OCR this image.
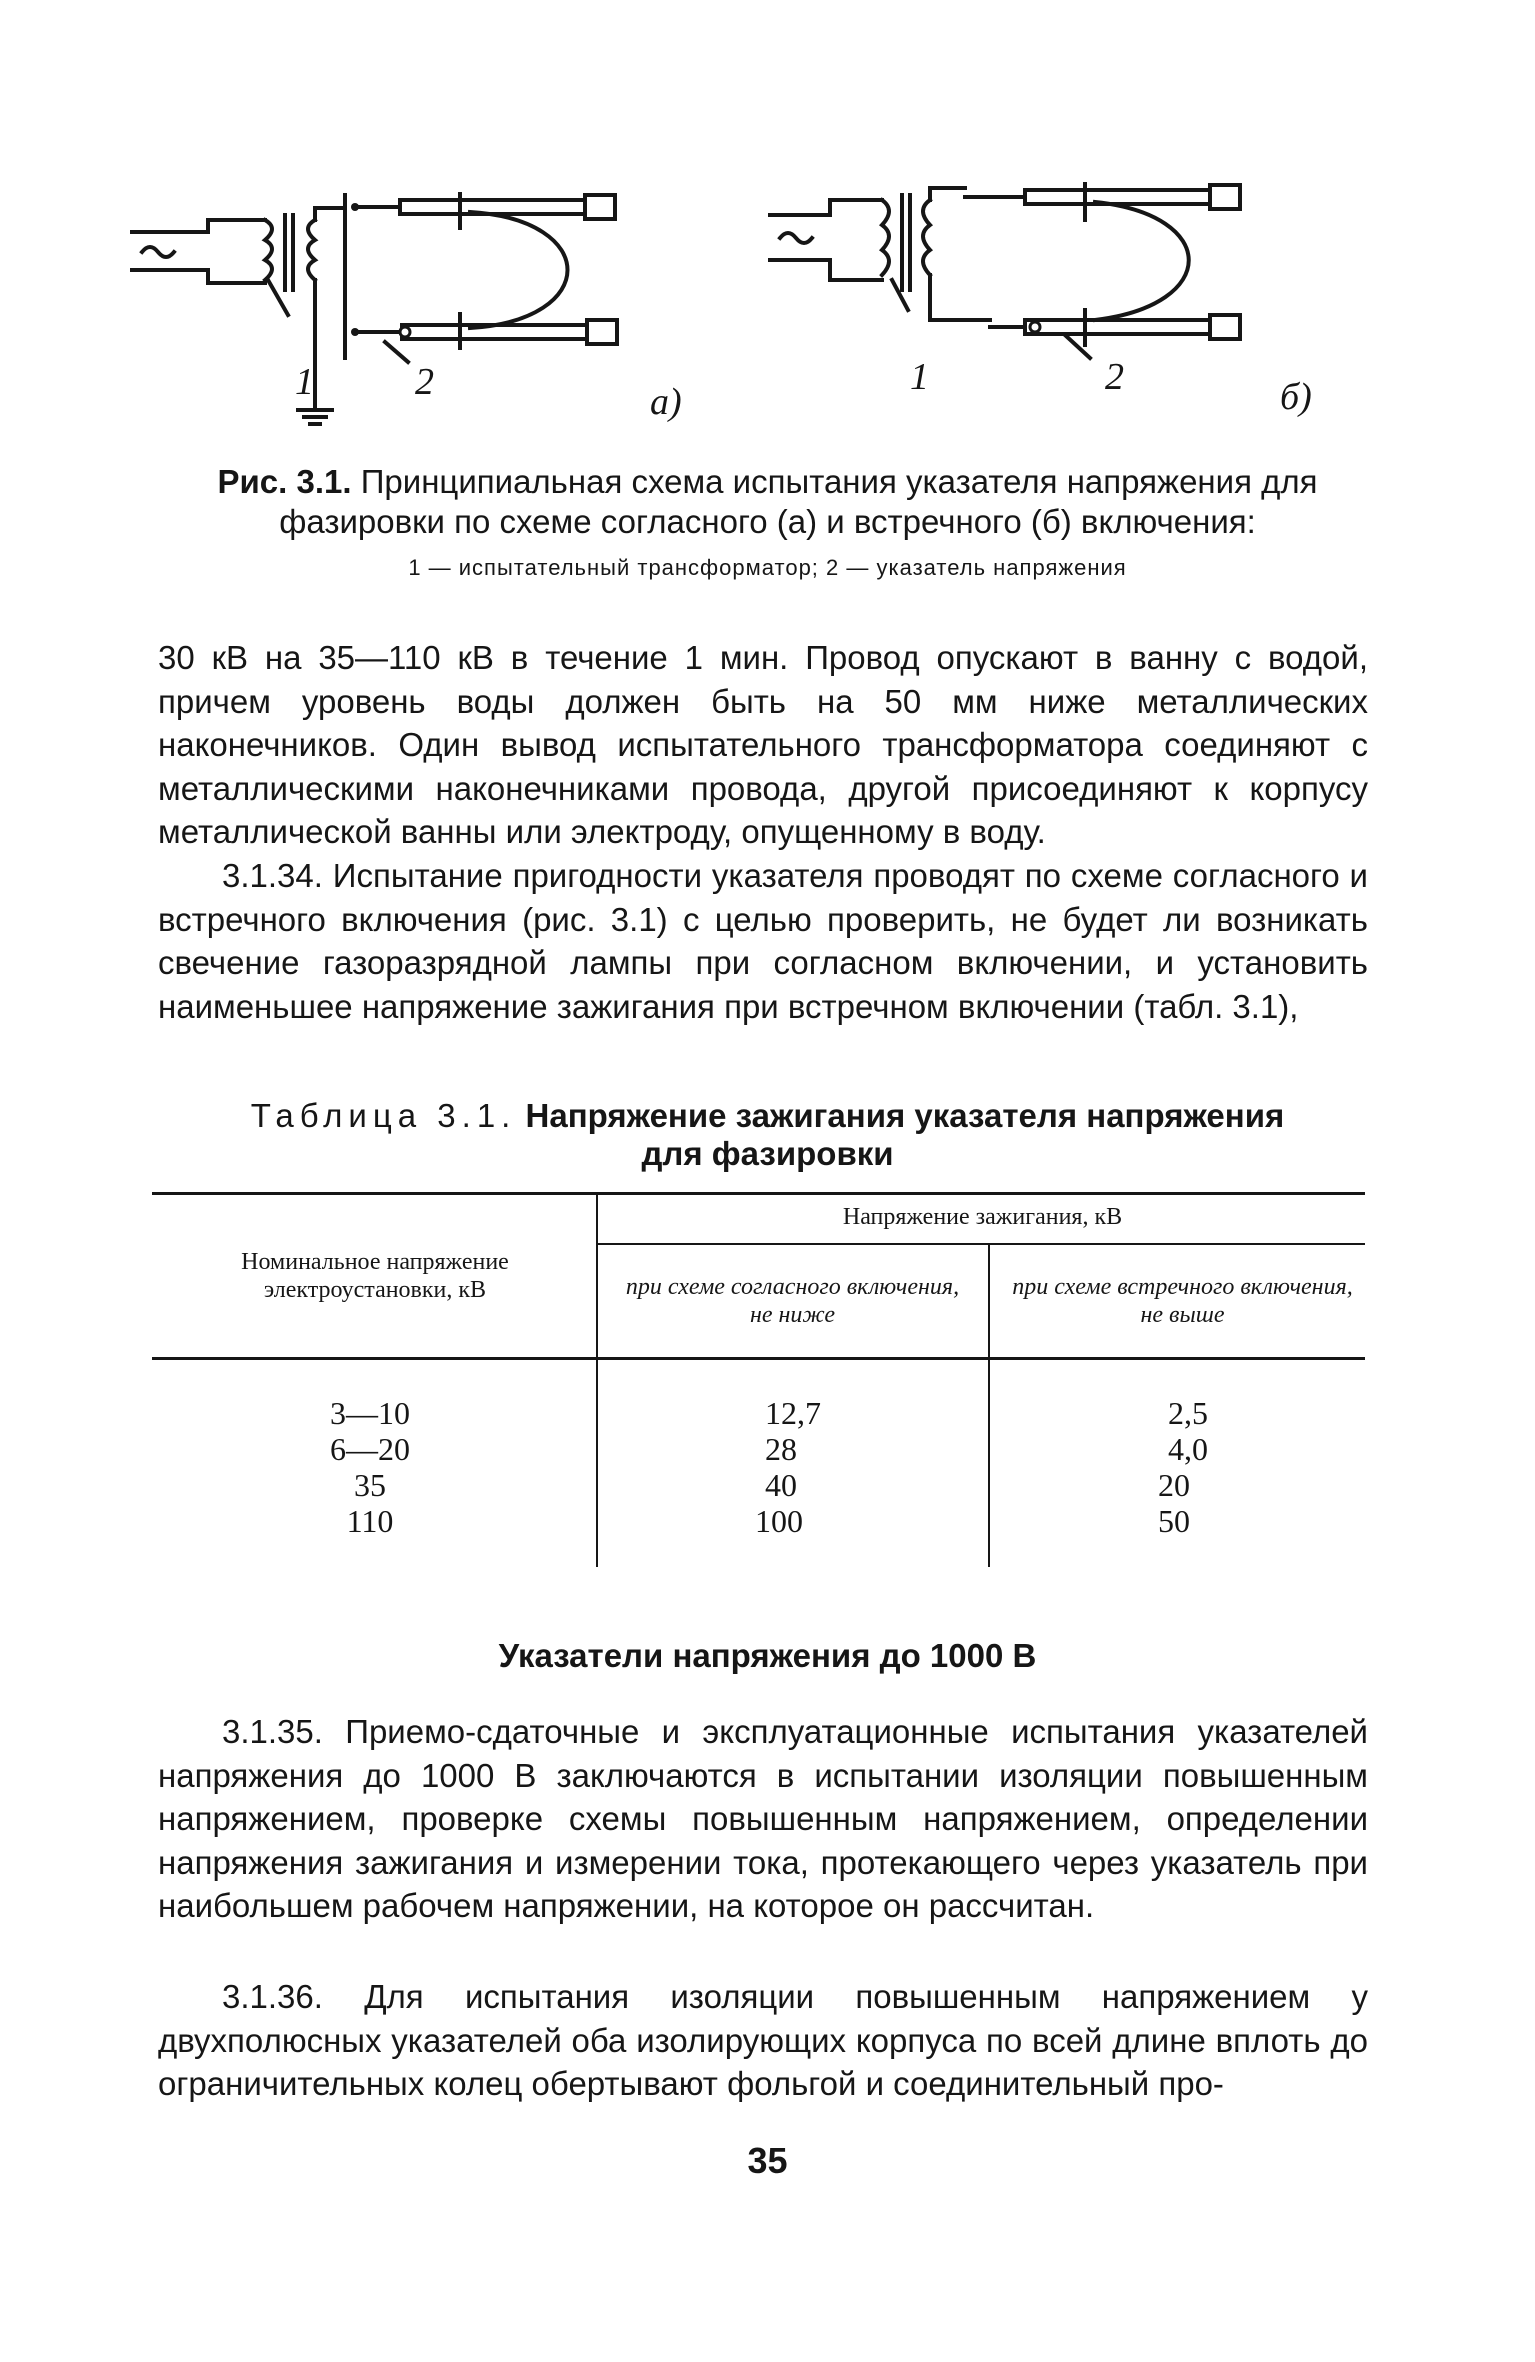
1	2	а)
1	2	б)
Рис. 3.1. Принципиальная схема испытания указателя напряжения для фазировки по схеме согласного (а) и встречного (б) включения:
1 — испытательный трансформатор; 2 — указатель напряжения
30 кВ на 35—110 кВ в течение 1 мин. Провод опускают в ванну с водой, причем уровень воды должен быть на 50 мм ниже металлических наконечников. Один вывод испытательного трансформатора соединяют с металлическими наконечниками провода, другой присоединяют к корпусу металлической ванны или электроду, опущенному в воду.
3.1.34. Испытание пригодности указателя проводят по схеме согласного и встречного включения (рис. 3.1) с целью проверить, не будет ли возникать свечение газоразрядной лампы при согласном включении, и установить наименьшее напряжение зажигания при встречном включении (табл. 3.1),
Таблица 3.1. Напряжение зажигания указателя напряжения
для фазировки
Номинальное напряжение электроустановки, кВ
Напряжение зажигания, кВ
при схеме согласного включения, не ниже
при схеме встречного включения, не выше
3—10	12,7	2,5
6—20	28	4,0
35	40	20
110	100	50
Указатели напряжения до 1000 В
3.1.35. Приемо-сдаточные и эксплуатационные испытания указателей напряжения до 1000 В заключаются в испытании изоляции повышенным напряжением, проверке схемы повышенным напряжением, определении напряжения зажигания и измерении тока, протекающего через указатель при наибольшем рабочем напряжении, на которое он рассчитан.
3.1.36. Для испытания изоляции повышенным напряжением у двухполюсных указателей оба изолирующих корпуса по всей длине вплоть до ограничительных колец обертывают фольгой и соединительный про-
35
